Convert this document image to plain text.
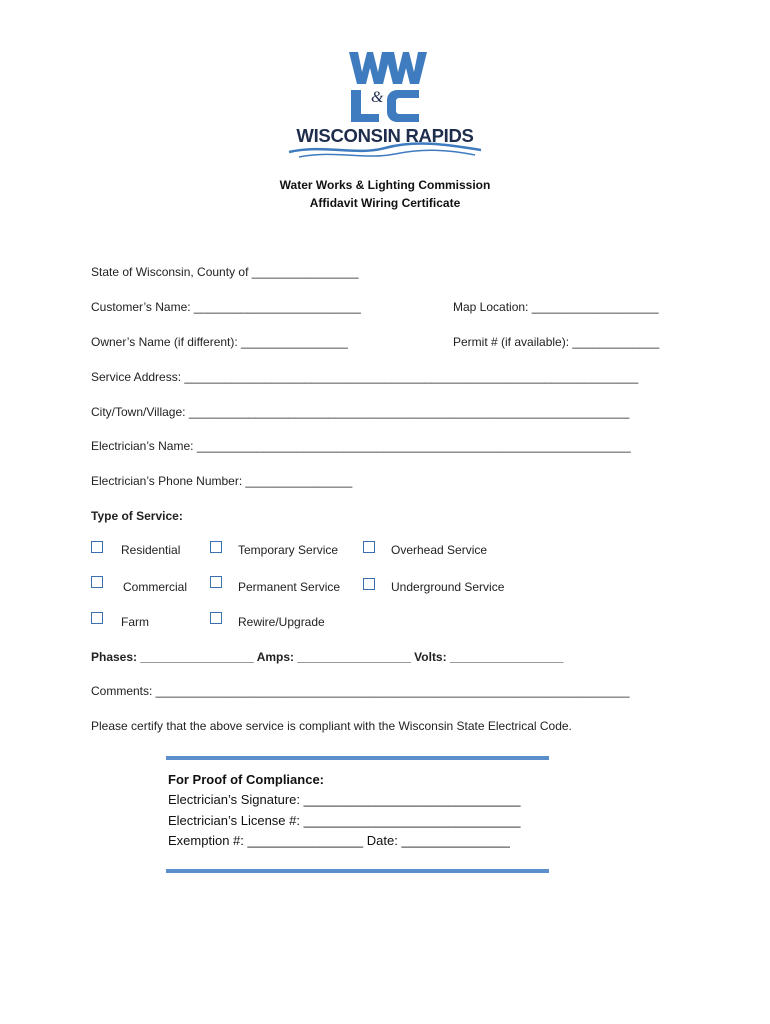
&
WISCONSIN RAPIDS
Water Works & Lighting Commission
Affidavit Wiring Certificate
State of Wisconsin, County of ________________
Customer’s Name: _________________________	Map Location: ___________________
Owner’s Name (if different): ________________	Permit # (if available): _____________
Service Address: ____________________________________________________________________
City/Town/Village: __________________________________________________________________
Electrician’s Name: _________________________________________________________________
Electrician’s Phone Number: ________________
Type of Service:
Residential	Temporary Service	Overhead Service
Commercial	Permanent Service	Underground Service
Farm	Rewire/Upgrade
Phases: _________________ Amps: _________________ Volts: _________________
Comments: _______________________________________________________________________
Please certify that the above service is compliant with the Wisconsin State Electrical Code.
For Proof of Compliance:
Electrician’s Signature: ______________________________
Electrician’s License #: ______________________________
Exemption #: ________________ Date: _______________
